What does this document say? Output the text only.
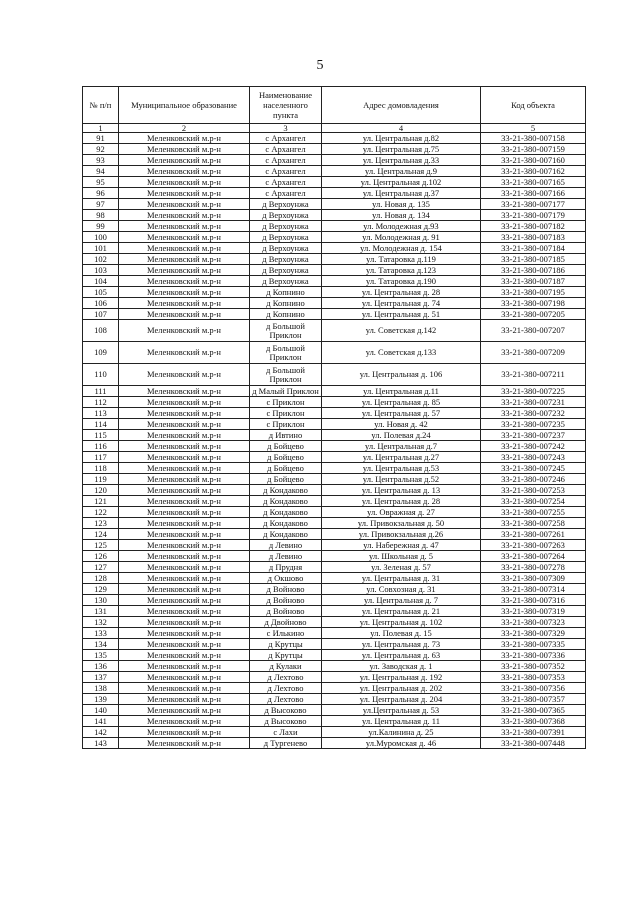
5
№ п/п	Муниципальное образование	Наименование населенного пункта	Адрес домовладения	Код объекта
1	2	3	4	5
91	Меленковский м.р-н	с Архангел	ул. Центральная д.82	33-21-380-007158
92	Меленковский м.р-н	с Архангел	ул. Центральная д.75	33-21-380-007159
93	Меленковский м.р-н	с Архангел	ул. Центральная д.33	33-21-380-007160
94	Меленковский м.р-н	с Архангел	ул. Центральная д.9	33-21-380-007162
95	Меленковский м.р-н	с Архангел	ул. Центральная д.102	33-21-380-007165
96	Меленковский м.р-н	с Архангел	ул. Центральная д.37	33-21-380-007166
97	Меленковский м.р-н	д Верхоунжа	ул. Новая д. 135	33-21-380-007177
98	Меленковский м.р-н	д Верхоунжа	ул. Новая д. 134	33-21-380-007179
99	Меленковский м.р-н	д Верхоунжа	ул. Молодежная д.93	33-21-380-007182
100	Меленковский м.р-н	д Верхоунжа	ул. Молодежная д. 91	33-21-380-007183
101	Меленковский м.р-н	д Верхоунжа	ул. Молодежная д. 154	33-21-380-007184
102	Меленковский м.р-н	д Верхоунжа	ул. Татаровка д.119	33-21-380-007185
103	Меленковский м.р-н	д Верхоунжа	ул. Татаровка д.123	33-21-380-007186
104	Меленковский м.р-н	д Верхоунжа	ул. Татаровка д.190	33-21-380-007187
105	Меленковский м.р-н	д Копнино	ул. Центральная д. 28	33-21-380-007195
106	Меленковский м.р-н	д Копнино	ул. Центральная д. 74	33-21-380-007198
107	Меленковский м.р-н	д Копнино	ул. Центральная д. 51	33-21-380-007205
108	Меленковский м.р-н	д Большой Приклон	ул. Советская д.142	33-21-380-007207
109	Меленковский м.р-н	д Большой Приклон	ул. Советская д.133	33-21-380-007209
110	Меленковский м.р-н	д Большой Приклон	ул. Центральная д. 106	33-21-380-007211
111	Меленковский м.р-н	д Малый Приклон	ул. Центральная д.11	33-21-380-007225
112	Меленковский м.р-н	с Приклон	ул. Центральная д. 85	33-21-380-007231
113	Меленковский м.р-н	с Приклон	ул. Центральная д. 57	33-21-380-007232
114	Меленковский м.р-н	с Приклон	ул. Новая д. 42	33-21-380-007235
115	Меленковский м.р-н	д Ивтино	ул. Полевая д.24	33-21-380-007237
116	Меленковский м.р-н	д Бойцево	ул. Центральная д.7	33-21-380-007242
117	Меленковский м.р-н	д Бойцево	ул. Центральная д.27	33-21-380-007243
118	Меленковский м.р-н	д Бойцево	ул. Центральная д.53	33-21-380-007245
119	Меленковский м.р-н	д Бойцево	ул. Центральная д.52	33-21-380-007246
120	Меленковский м.р-н	д Кондаково	ул. Центральная д. 13	33-21-380-007253
121	Меленковский м.р-н	д Кондаково	ул. Центральная д. 28	33-21-380-007254
122	Меленковский м.р-н	д Кондаково	ул. Овражная д. 27	33-21-380-007255
123	Меленковский м.р-н	д Кондаково	ул. Привокзальная д. 50	33-21-380-007258
124	Меленковский м.р-н	д Кондаково	ул. Привокзальная д.26	33-21-380-007261
125	Меленковский м.р-н	д Левино	ул. Набережная д. 47	33-21-380-007263
126	Меленковский м.р-н	д Левино	ул. Школьная д. 5	33-21-380-007264
127	Меленковский м.р-н	д Прудня	ул. Зеленая д. 57	33-21-380-007278
128	Меленковский м.р-н	д Окшово	ул. Центральная д. 31	33-21-380-007309
129	Меленковский м.р-н	д Войново	ул. Совхозная д. 31	33-21-380-007314
130	Меленковский м.р-н	д Войново	ул. Центральная д. 7	33-21-380-007316
131	Меленковский м.р-н	д Войново	ул. Центральная д. 21	33-21-380-007319
132	Меленковский м.р-н	д Двойново	ул. Центральная д. 102	33-21-380-007323
133	Меленковский м.р-н	с Илькино	ул. Полевая д. 15	33-21-380-007329
134	Меленковский м.р-н	д Крутцы	ул. Центральная д. 73	33-21-380-007335
135	Меленковский м.р-н	д Крутцы	ул. Центральная д. 63	33-21-380-007336
136	Меленковский м.р-н	д Кулаки	ул. Заводская д. 1	33-21-380-007352
137	Меленковский м.р-н	д Лехтово	ул. Центральная д. 192	33-21-380-007353
138	Меленковский м.р-н	д Лехтово	ул. Центральная д. 202	33-21-380-007356
139	Меленковский м.р-н	д Лехтово	ул. Центральная д. 204	33-21-380-007357
140	Меленковский м.р-н	д Высоково	ул.Центральная д. 53	33-21-380-007365
141	Меленковский м.р-н	д Высоково	ул. Центральная д. 11	33-21-380-007368
142	Меленковский м.р-н	с Лахи	ул.Калинина д. 25	33-21-380-007391
143	Меленковский м.р-н	д Тургенево	ул.Муромская д. 46	33-21-380-007448
